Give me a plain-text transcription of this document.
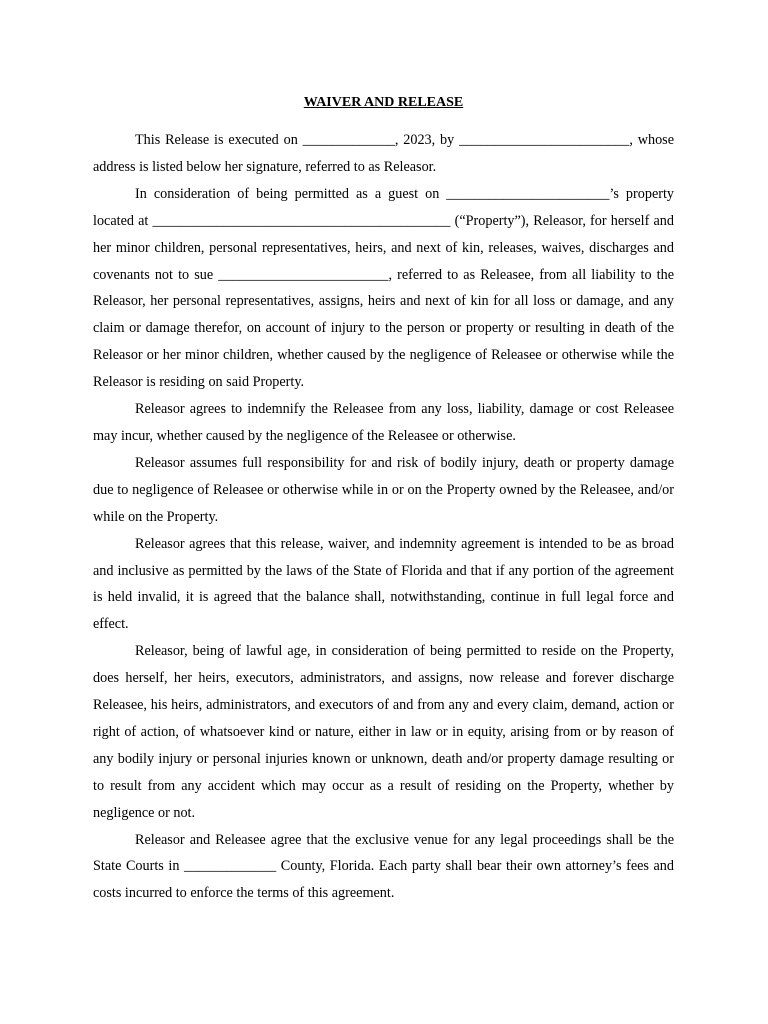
WAIVER AND RELEASE

This Release is executed on _____________, 2023, by ________________________, whose address is listed below her signature, referred to as Releasor.

In consideration of being permitted as a guest on _______________________’s property located at __________________________________________ (“Property”), Releasor, for herself and her minor children, personal representatives, heirs, and next of kin, releases, waives, discharges and covenants not to sue ________________________, referred to as Releasee, from all liability to the Releasor, her personal representatives, assigns, heirs and next of kin for all loss or damage, and any claim or damage therefor, on account of injury to the person or property or resulting in death of the Releasor or her minor children, whether caused by the negligence of Releasee or otherwise while the Releasor is residing on said Property.

Releasor agrees to indemnify the Releasee from any loss, liability, damage or cost Releasee may incur, whether caused by the negligence of the Releasee or otherwise.

Releasor assumes full responsibility for and risk of bodily injury, death or property damage due to negligence of Releasee or otherwise while in or on the Property owned by the Releasee, and/or while on the Property.

Releasor agrees that this release, waiver, and indemnity agreement is intended to be as broad and inclusive as permitted by the laws of the State of Florida and that if any portion of the agreement is held invalid, it is agreed that the balance shall, notwithstanding, continue in full legal force and effect.

Releasor, being of lawful age, in consideration of being permitted to reside on the Property, does herself, her heirs, executors, administrators, and assigns, now release and forever discharge Releasee, his heirs, administrators, and executors of and from any and every claim, demand, action or right of action, of whatsoever kind or nature, either in law or in equity, arising from or by reason of any bodily injury or personal injuries known or unknown, death and/or property damage resulting or to result from any accident which may occur as a result of residing on the Property, whether by negligence or not.

Releasor and Releasee agree that the exclusive venue for any legal proceedings shall be the State Courts in _____________ County, Florida. Each party shall bear their own attorney’s fees and costs incurred to enforce the terms of this agreement.
